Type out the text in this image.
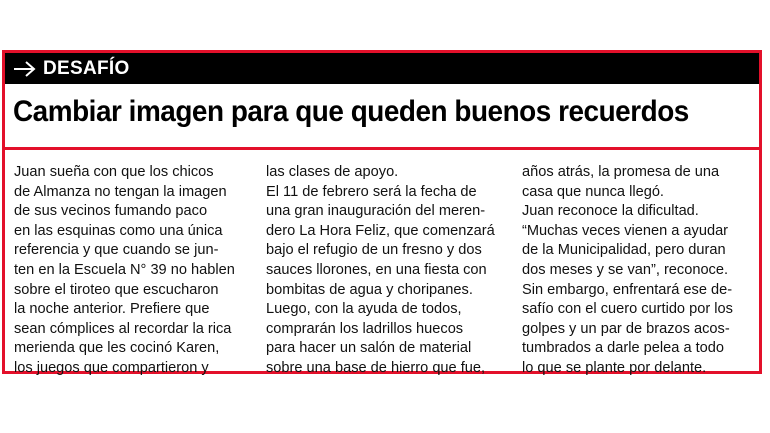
DESAFÍO
Cambiar imagen para que queden buenos recuerdos
Juan sueña con que los chicos
de Almanza no tengan la imagen
de sus vecinos fumando paco
en las esquinas como una única
referencia y que cuando se jun-
ten en la Escuela N° 39 no hablen
sobre el tiroteo que escucharon
la noche anterior. Prefiere que
sean cómplices al recordar la rica
merienda que les cocinó Karen,
los juegos que compartieron y
las clases de apoyo.
El 11 de febrero será la fecha de
una gran inauguración del meren-
dero La Hora Feliz, que comenzará
bajo el refugio de un fresno y dos
sauces llorones, en una fiesta con
bombitas de agua y choripanes.
Luego, con la ayuda de todos,
comprarán los ladrillos huecos
para hacer un salón de material
sobre una base de hierro que fue,
años atrás, la promesa de una
casa que nunca llegó.
Juan reconoce la dificultad.
“Muchas veces vienen a ayudar
de la Municipalidad, pero duran
dos meses y se van”, reconoce.
Sin embargo, enfrentará ese de-
safío con el cuero curtido por los
golpes y un par de brazos acos-
tumbrados a darle pelea a todo
lo que se plante por delante.
